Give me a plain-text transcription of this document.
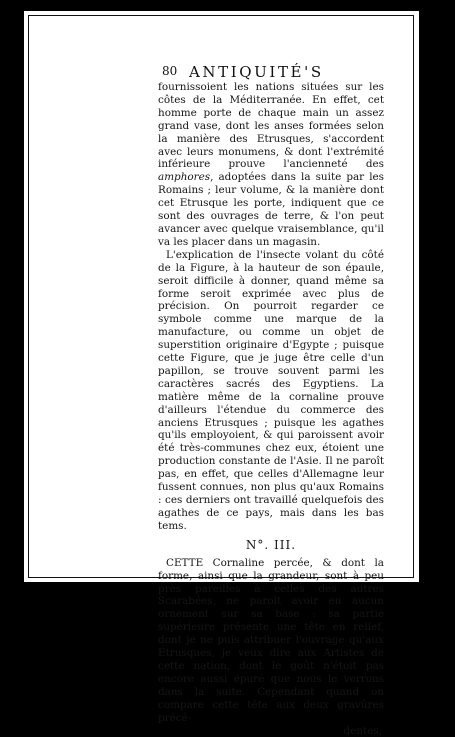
80 ANTIQUITÉ'S

fournissoient les nations situées sur les côtes de la Méditerranée. En effet, cet homme porte de chaque main un assez grand vase, dont les anses formées selon la manière des Etrusques, s'accordent avec leurs monumens, & dont l'extrémité inférieure prouve l'ancienneté des amphores, adoptées dans la suite par les Romains ; leur volume, & la manière dont cet Etrusque les porte, indiquent que ce sont des ouvrages de terre, & l'on peut avancer avec quelque vraisemblance, qu'il va les placer dans un magasin.

L'explication de l'insecte volant du côté de la Figure, à la hauteur de son épaule, seroit difficile à donner, quand même sa forme seroit exprimée avec plus de précision. On pourroit regarder ce symbole comme une marque de la manufacture, ou comme un objet de superstition originaire d'Egypte ; puisque cette Figure, que je juge être celle d'un papillon, se trouve souvent parmi les caractères sacrés des Egyptiens. La matière même de la cornaline prouve d'ailleurs l'étendue du commerce des anciens Etrusques ; puisque les agathes qu'ils employoient, & qui paroissent avoir été très-communes chez eux, étoient une production constante de l'Asie. Il ne paroît pas, en effet, que celles d'Allemagne leur fussent connues, non plus qu'aux Romains : ces derniers ont travaillé quelquefois des agathes de ce pays, mais dans les bas tems.

N°. III.

CETTE Cornaline percée, & dont la forme, ainsi que la grandeur, sont à peu près pareilles à celles des autres Scarabées, ne paroît avoir eu aucun ornement sur sa base : sa partie supérieure présente une tête en relief, dont je ne puis attribuer l'ouvrage qu'aux Etrusques, je veux dire aux Artistes de cette nation, dont le goût n'étoit pas encore aussi épuré que nous le verrons dans la suite. Cependant quand on compare cette tête aux deux gravûres précé-

dentes,
